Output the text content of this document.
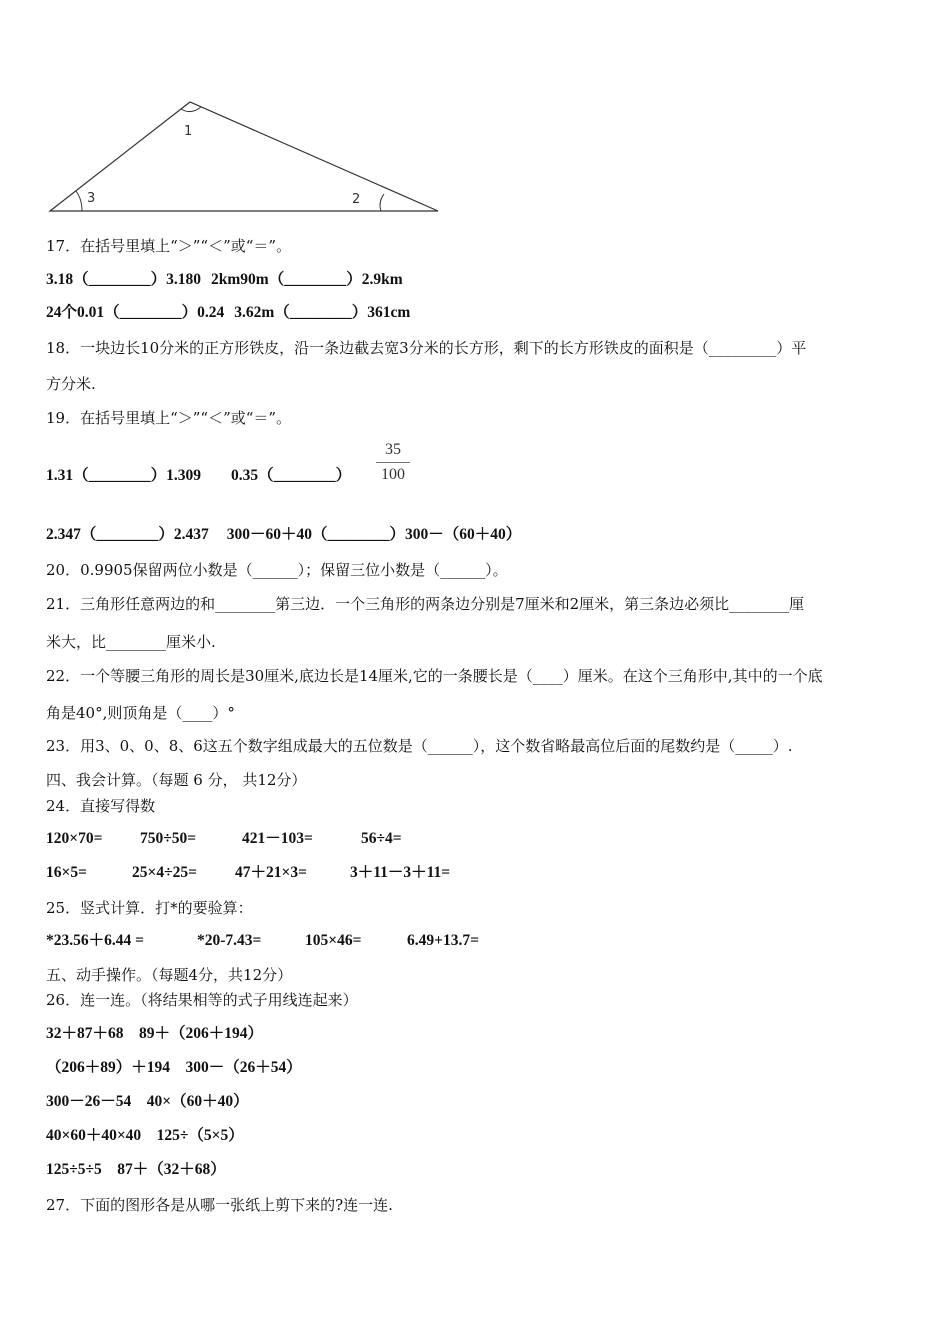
1
3	2
17．在括号里填上“＞”“＜”或“＝”。
3.18（________）3.180 2km90m（________）2.9km
24个0.01（________）0.24 3.62m（________）361cm
18．一块边长10分米的正方形铁皮，沿一条边截去宽3分米的长方形，剩下的长方形铁皮的面积是（_________）平
方分米.
19．在括号里填上“＞”“＜”或“＝”。
1.31（________）1.309 0.35（________）
35
100
2.347（________）2.437 300－60＋40（________）300－（60＋40）
20．0.9905保留两位小数是（______）；保留三位小数是（______）。
21．三角形任意两边的和________第三边．一个三角形的两条边分别是7厘米和2厘米，第三条边必须比________厘
米大，比________厘米小.
22．一个等腰三角形的周长是30厘米,底边长是14厘米,它的一条腰长是（____）厘米。在这个三角形中,其中的一个底
角是40°,则顶角是（____）°
23．用3、0、0、8、6这五个数字组成最大的五位数是（______），这个数省略最高位后面的尾数约是（_____）.
四、我会计算。（每题 6 分， 共12分）
24．直接写得数
120×70= 750÷50=	421－103=	56÷4=
16×5=	25×4÷25= 47＋21×3=	3＋11－3＋11=
25．竖式计算．打*的要验算：
*23.56＋6.44 =	*20-7.43=	105×46=	6.49+13.7=
五、动手操作。（每题4分，共12分）
26．连一连。（将结果相等的式子用线连起来）
32＋87＋68　89＋（206＋194）
（206＋89）＋194　300－（26＋54）
300－26－54　40×（60＋40）
40×60＋40×40　125÷（5×5）
125÷5÷5　87＋（32＋68）
27．下面的图形各是从哪一张纸上剪下来的?连一连.
